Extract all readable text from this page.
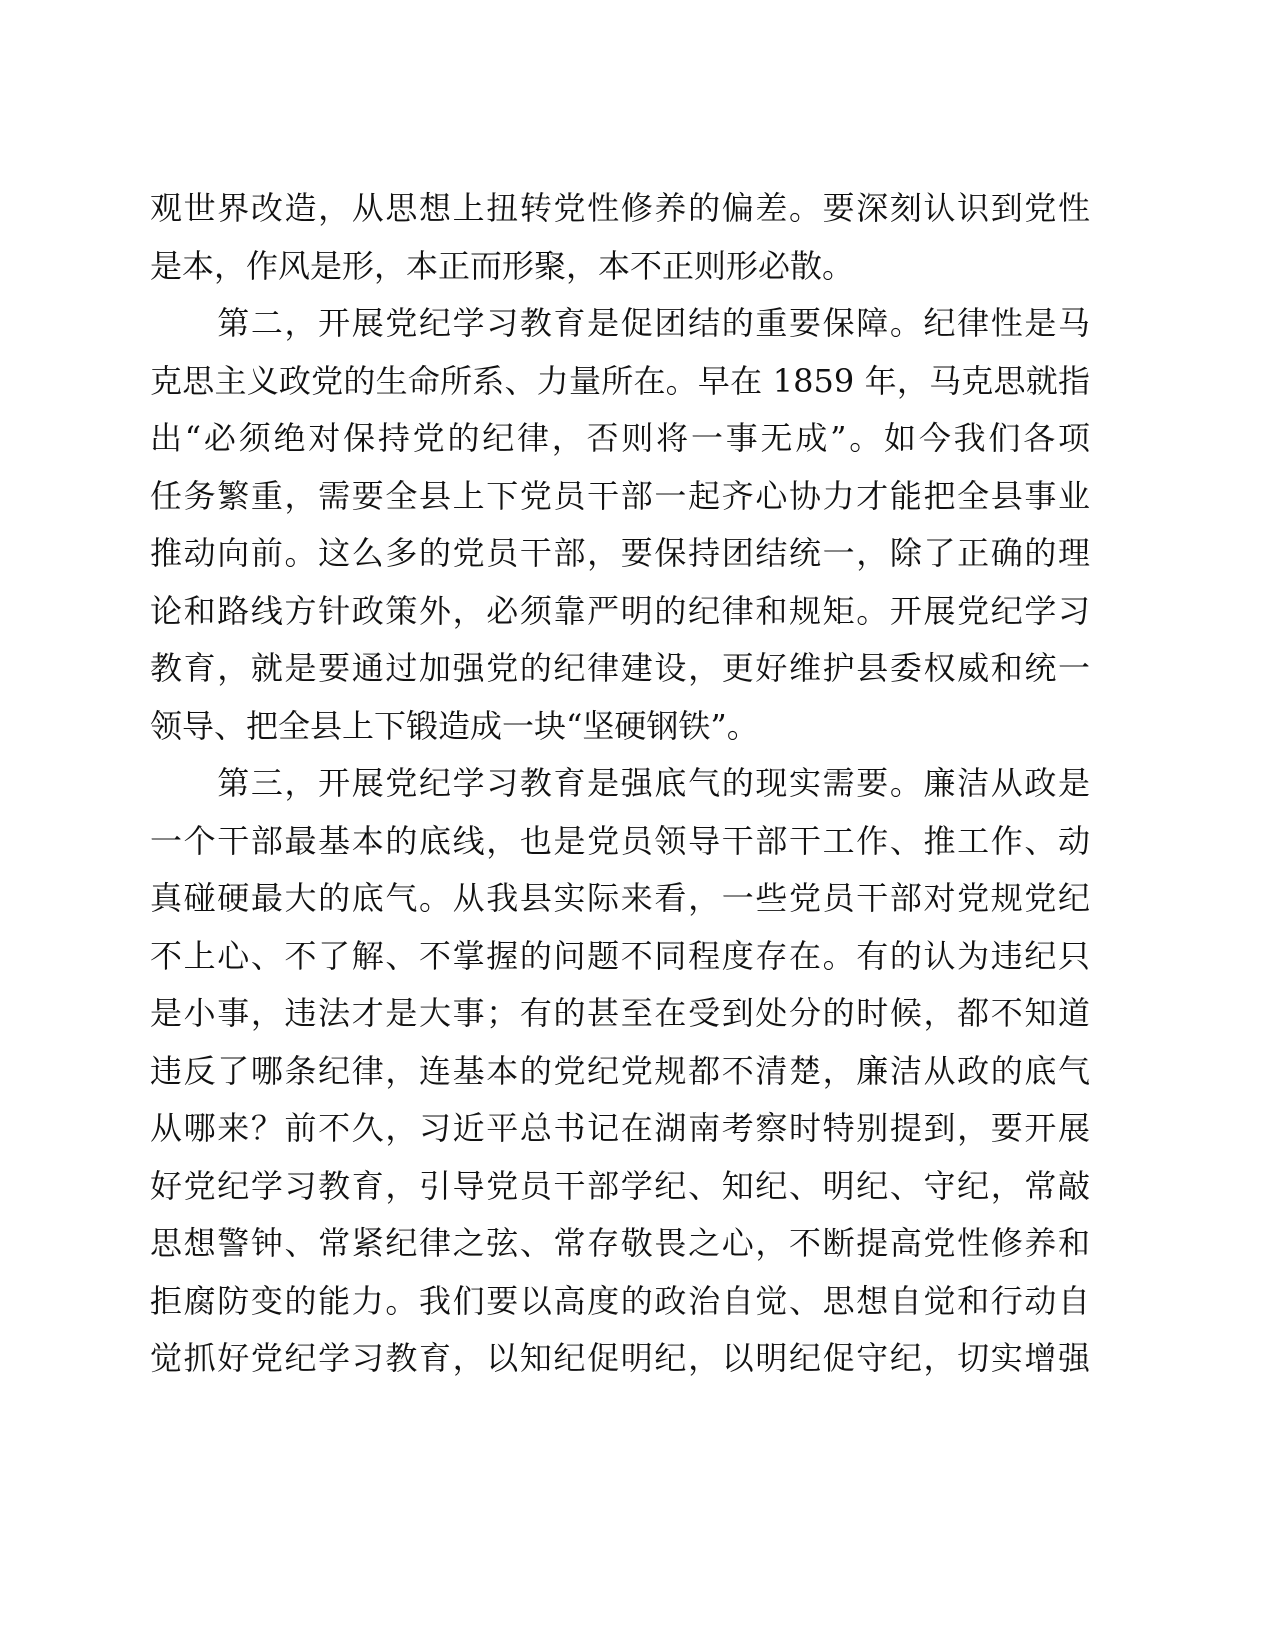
观世界改造，从思想上扭转党性修养的偏差。要深刻认识到党性
是本，作风是形，本正而形聚，本不正则形必散。
　　第二，开展党纪学习教育是促团结的重要保障。纪律性是马
克思主义政党的生命所系、力量所在。早在 1859 年，马克思就指
出“必须绝对保持党的纪律，否则将一事无成”。如今我们各项
任务繁重，需要全县上下党员干部一起齐心协力才能把全县事业
推动向前。这么多的党员干部，要保持团结统一，除了正确的理
论和路线方针政策外，必须靠严明的纪律和规矩。开展党纪学习
教育，就是要通过加强党的纪律建设，更好维护县委权威和统一
领导、把全县上下锻造成一块“坚硬钢铁”。
　　第三，开展党纪学习教育是强底气的现实需要。廉洁从政是
一个干部最基本的底线，也是党员领导干部干工作、推工作、动
真碰硬最大的底气。从我县实际来看，一些党员干部对党规党纪
不上心、不了解、不掌握的问题不同程度存在。有的认为违纪只
是小事，违法才是大事；有的甚至在受到处分的时候，都不知道
违反了哪条纪律，连基本的党纪党规都不清楚，廉洁从政的底气
从哪来？前不久，习近平总书记在湖南考察时特别提到，要开展
好党纪学习教育，引导党员干部学纪、知纪、明纪、守纪，常敲
思想警钟、常紧纪律之弦、常存敬畏之心，不断提高党性修养和
拒腐防变的能力。我们要以高度的政治自觉、思想自觉和行动自
觉抓好党纪学习教育，以知纪促明纪，以明纪促守纪，切实增强
